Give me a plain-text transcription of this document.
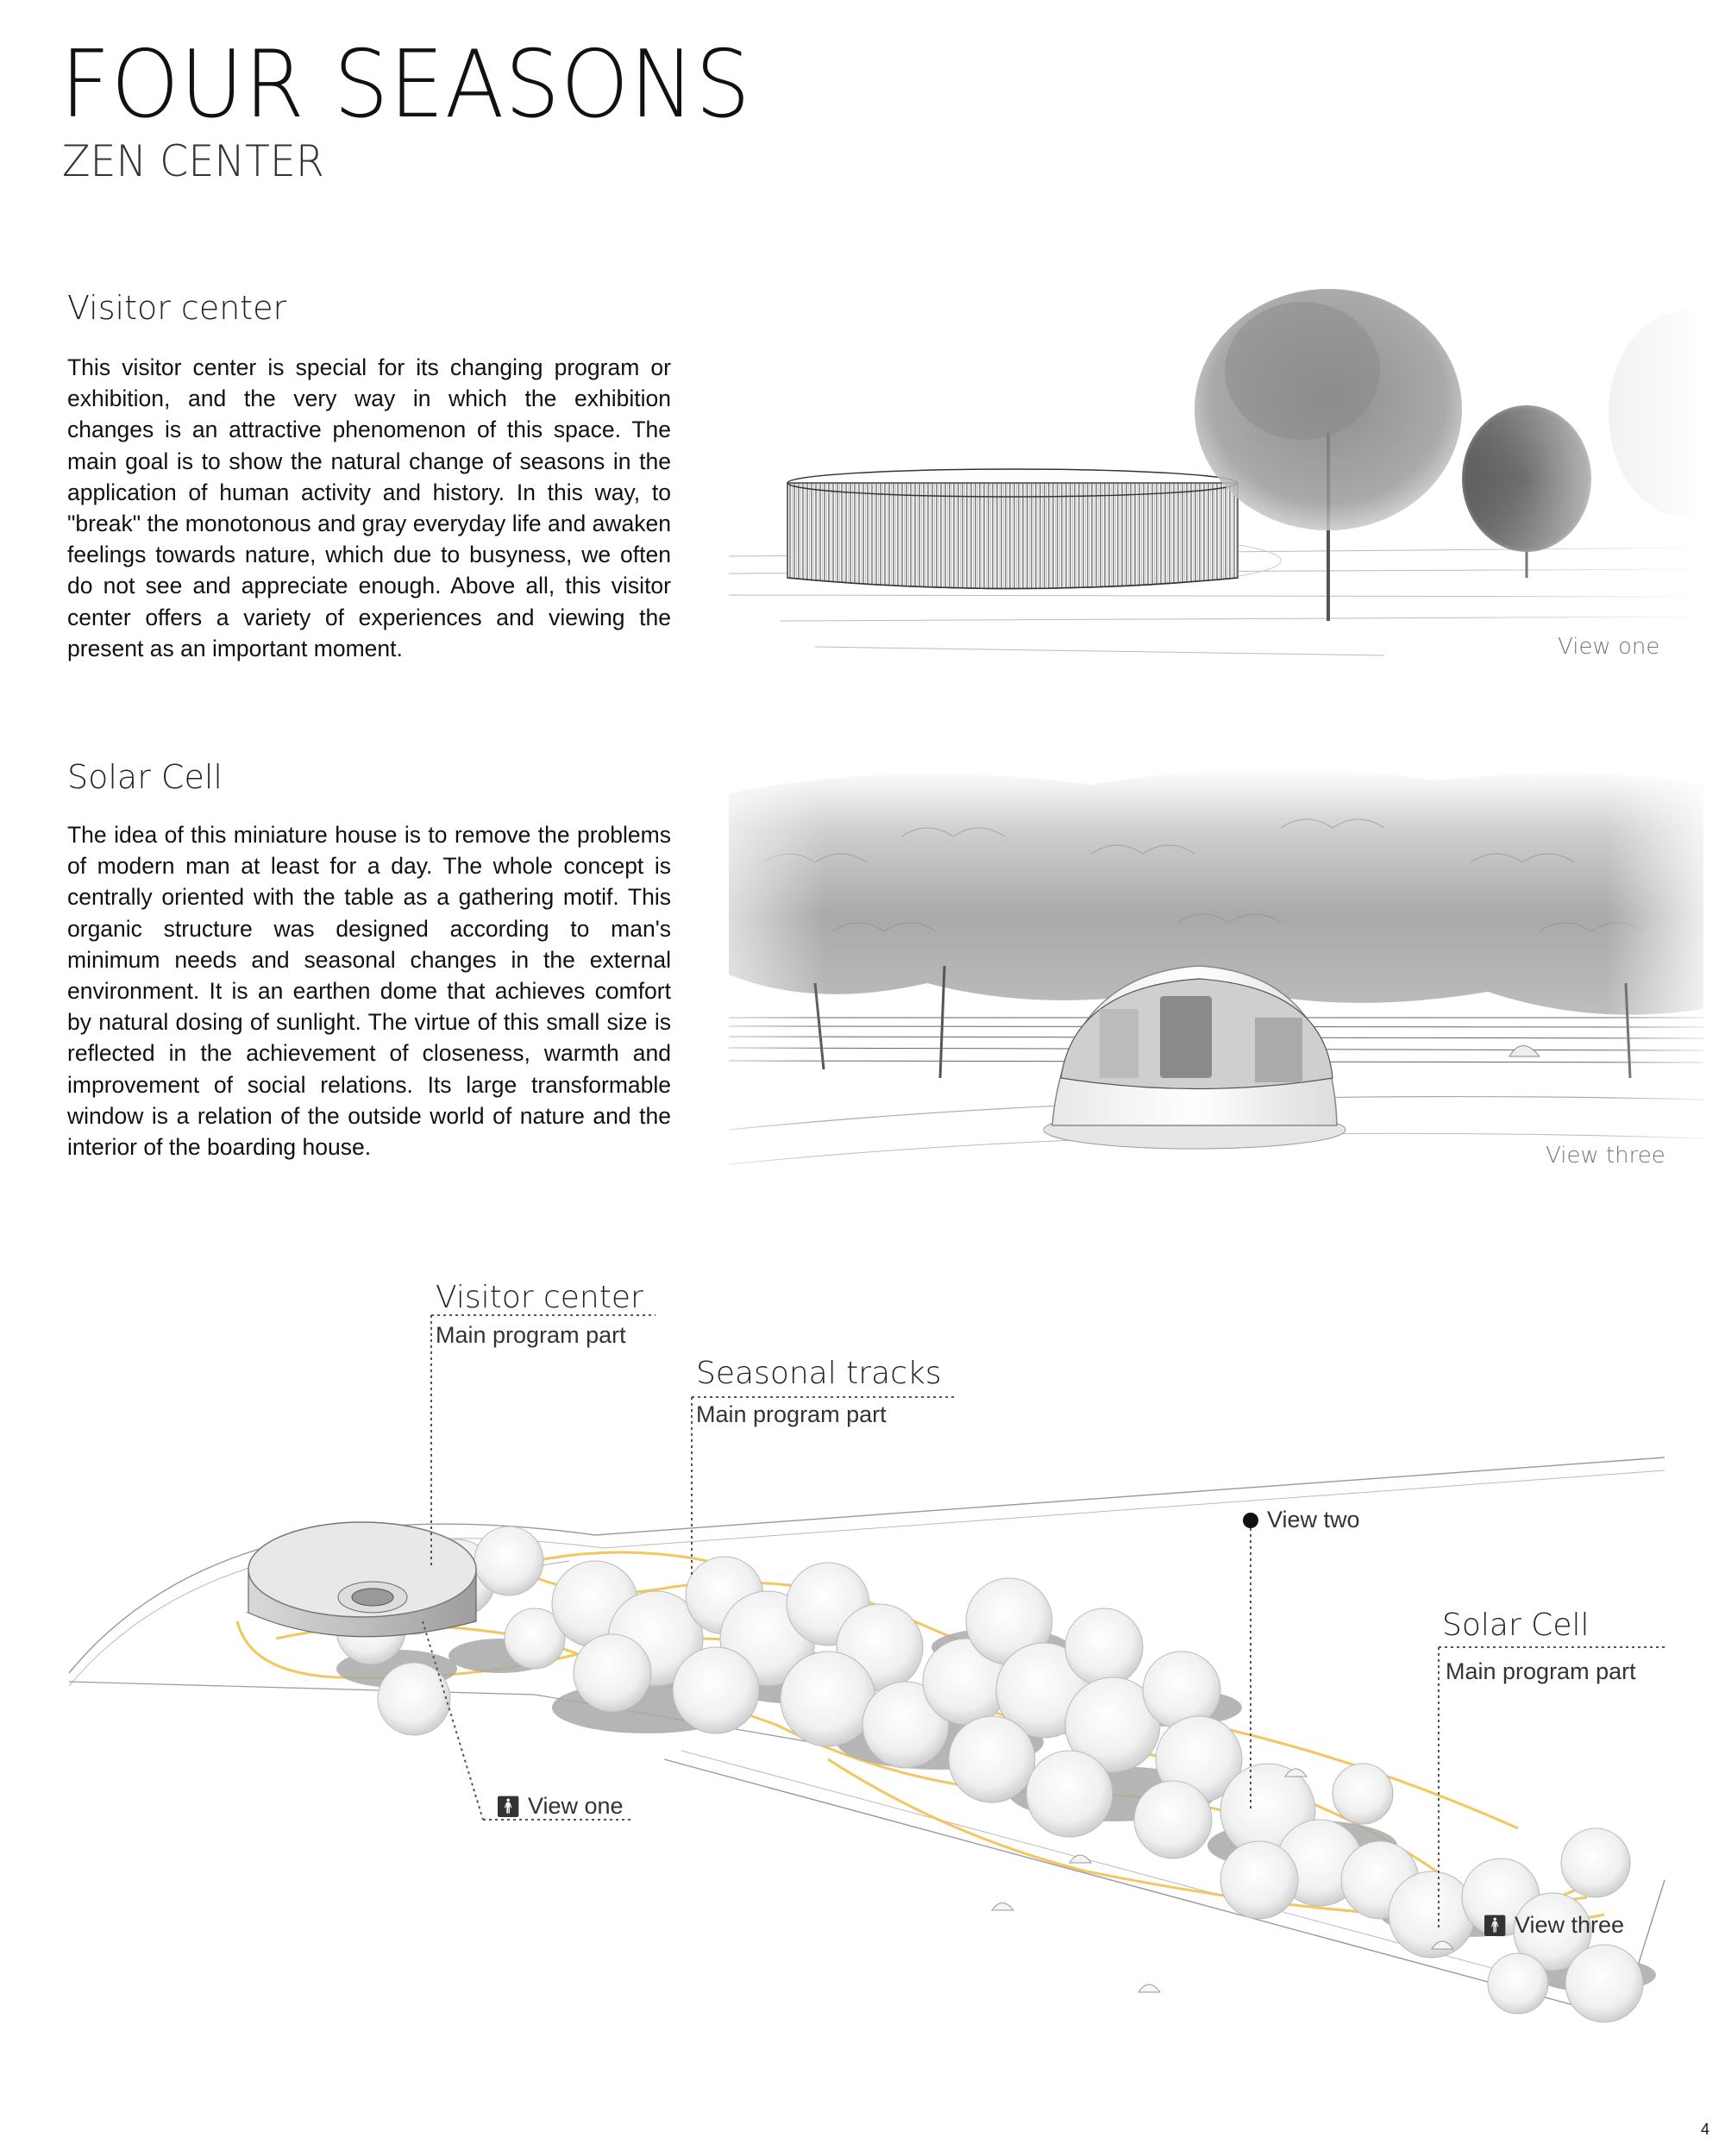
FOUR SEASONS
ZEN CENTER
Visitor center

This visitor center is special for its changing program or exhibition, and the very way in which the exhibition changes is an attractive phenomenon of this space. The main goal is to show the natural change of seasons in the application of human activity and history. In this way, to "break" the monotonous and gray everyday life and awaken feelings towards nature, which due to busyness, we often do not see and appreciate enough. Above all, this visitor center offers a variety of experiences and viewing the present as an important moment.	View one
Solar Cell

The idea of this miniature house is to remove the problems of modern man at least for a day. The whole concept is centrally oriented with the table as a gathering motif. This organic structure was designed according to man's minimum needs and seasonal changes in the external environment. It is an earthen dome that achieves comfort by natural dosing of sunlight. The virtue of this small size is reflected in the achievement of closeness, warmth and improvement of social relations. Its large transformable window is a relation of the outside world of nature and the interior of the boarding house.	View three
Visitor center
Main program part
Seasonal tracks
Main program part
Solar Cell
Main program part
🚹︎ View one
View two
🚹︎ View three
4
